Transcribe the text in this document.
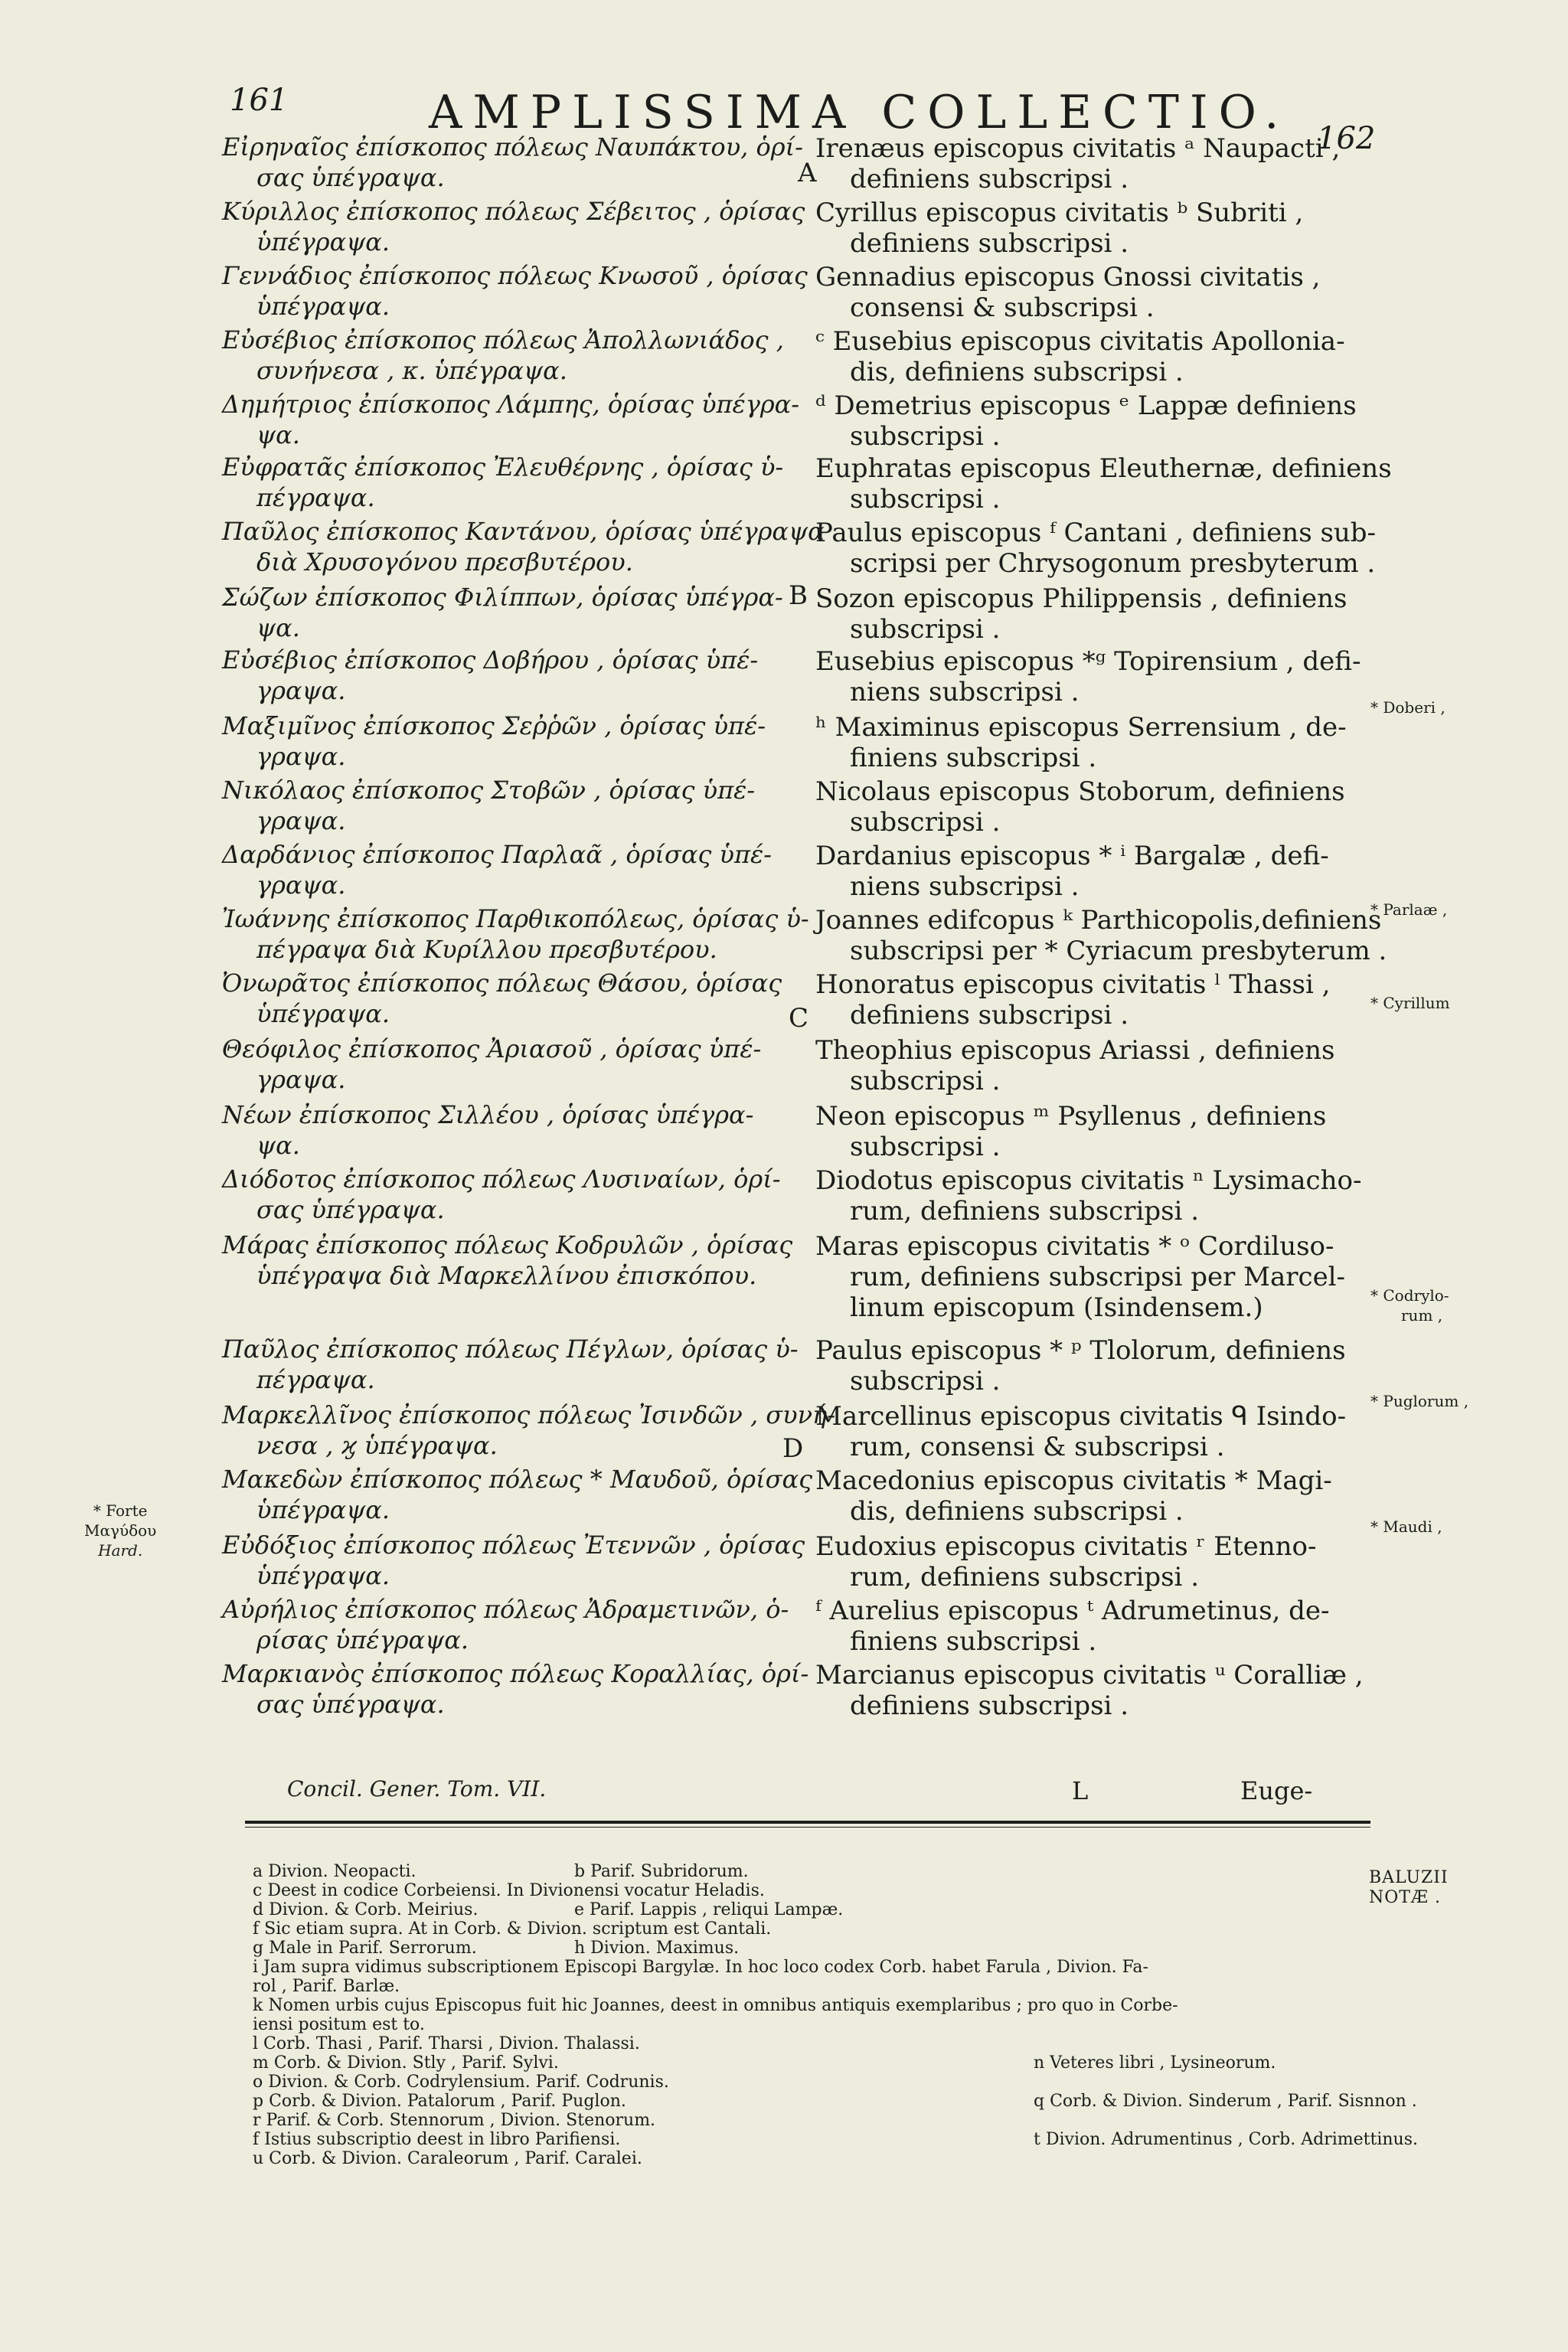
161	AMPLISSIMA COLLECTIO. 162
Εἰρηναῖος ἐπίσκοπος πόλεως Ναυπάκτου, ὁρί-
σας ὑπέγραψα.
Irenæus episcopus civitatis ᵃ Naupacti ,
definiens subscripsi .
Κύριλλος ἐπίσκοπος πόλεως Σέβειτος , ὁρίσας
ὑπέγραψα.
Cyrillus episcopus civitatis ᵇ Subriti ,
definiens subscripsi .
Γεννάδιος ἐπίσκοπος πόλεως Κνωσοῦ , ὁρίσας
ὑπέγραψα.
Gennadius episcopus Gnossi civitatis ,
consensi & subscripsi .
Εὐσέβιος ἐπίσκοπος πόλεως Ἀπολλωνιάδος ,
συνήνεσα , κ. ὑπέγραψα.
ᶜ Eusebius episcopus civitatis Apollonia-
dis, definiens subscripsi .
Δημήτριος ἐπίσκοπος Λάμπης, ὁρίσας ὑπέγρα-
ψα.
ᵈ Demetrius episcopus ᵉ Lappæ definiens
subscripsi .
Εὐφρατᾶς ἐπίσκοπος Ἐλευθέρνης , ὁρίσας ὑ-
πέγραψα.
Euphratas episcopus Eleuthernæ, definiens
subscripsi .
Παῦλος ἐπίσκοπος Καντάνου, ὁρίσας ὑπέγραψα
διὰ Χρυσογόνου πρεσβυτέρου.
Paulus episcopus ᶠ Cantani , definiens sub-
scripsi per Chrysogonum presbyterum .
Σώζων ἐπίσκοπος Φιλίππων, ὁρίσας ὑπέγρα-
ψα.
Sozon episcopus Philippensis , definiens
subscripsi .
Εὐσέβιος ἐπίσκοπος Δοβήρου , ὁρίσας ὑπέ-
γραψα.
Eusebius episcopus *ᵍ Topirensium , defi-
niens subscripsi .
Μαξιμῖνος ἐπίσκοπος Σεῤῥῶν , ὁρίσας ὑπέ-
γραψα.
ʰ Maximinus episcopus Serrensium , de-
finiens subscripsi .
Νικόλαος ἐπίσκοπος Στοβῶν , ὁρίσας ὑπέ-
γραψα.
Nicolaus episcopus Stoborum, definiens
subscripsi .
Δαρδάνιος ἐπίσκοπος Παρλαᾶ , ὁρίσας ὑπέ-
γραψα.
Dardanius episcopus * ⁱ Bargalæ , defi-
niens subscripsi .
Ἰωάννης ἐπίσκοπος Παρθικοπόλεως, ὁρίσας ὑ-
πέγραψα διὰ Κυρίλλου πρεσβυτέρου.
Joannes edifcopus ᵏ Parthicopolis,definiens
subscripsi per * Cyriacum presbyterum .
Ὀνωρᾶτος ἐπίσκοπος πόλεως Θάσου, ὁρίσας
ὑπέγραψα.
Honoratus episcopus civitatis ˡ Thassi ,
definiens subscripsi .
Θεόφιλος ἐπίσκοπος Ἀριασοῦ , ὁρίσας ὑπέ-
γραψα.
Theophius episcopus Ariassi , definiens
subscripsi .
Νέων ἐπίσκοπος Σιλλέου , ὁρίσας ὑπέγρα-
ψα.
Neon episcopus ᵐ Psyllenus , definiens
subscripsi .
Διόδοτος ἐπίσκοπος πόλεως Λυσιναίων, ὁρί-
σας ὑπέγραψα.
Diodotus episcopus civitatis ⁿ Lysimacho-
rum, definiens subscripsi .
Μάρας ἐπίσκοπος πόλεως Κοδρυλῶν , ὁρίσας
ὑπέγραψα διὰ Μαρκελλίνου ἐπισκόπου.
Maras episcopus civitatis * ᵒ Cordiluso-
rum, definiens subscripsi per Marcel-
linum episcopum (Isindensem.)
Παῦλος ἐπίσκοπος πόλεως Πέγλων, ὁρίσας ὑ-
πέγραψα.
Paulus episcopus * ᵖ Tlolorum, definiens
subscripsi .
Μαρκελλῖνος ἐπίσκοπος πόλεως Ἰσινδῶν , συνή-
νεσα , ϗ ὑπέγραψα.
Marcellinus episcopus civitatis ᑫ Isindo-
rum, consensi & subscripsi .
Μακεδὼν ἐπίσκοπος πόλεως * Μαυδοῦ, ὁρίσας
ὑπέγραψα.
Macedonius episcopus civitatis * Magi-
dis, definiens subscripsi .
Εὐδόξιος ἐπίσκοπος πόλεως Ἐτεννῶν , ὁρίσας
ὑπέγραψα.
Eudoxius episcopus civitatis ʳ Etenno-
rum, definiens subscripsi .
Αὐρήλιος ἐπίσκοπος πόλεως Ἀδραμετινῶν, ὁ-
ρίσας ὑπέγραψα.
ᶠ Aurelius episcopus ᵗ Adrumetinus, de-
finiens subscripsi .
Μαρκιανὸς ἐπίσκοπος πόλεως Κοραλλίας, ὁρί-
σας ὑπέγραψα.
Marcianus episcopus civitatis ᵘ Coralliæ ,
definiens subscripsi .
A
B
C
D
* Doberi ,
* Parlaæ ,
* Cyrillum
* Codrylo-
rum ,
* Puglorum ,
* Maudi ,
* Forte
Μαγύδου
Hard.
Concil. Gener. Tom. VII.	L	Euge-
BALUZII
NOTÆ .
a Divion. Neopacti.	b Parif. Subridorum.
c Deest in codice Corbeiensi. In Divionensi vocatur Heladis.
d Divion. & Corb. Meirius.	e Parif. Lappis , reliqui Lampæ.
f Sic etiam supra. At in Corb. & Divion. scriptum est Cantali.
g Male in Parif. Serrorum.	h Divion. Maximus.
i Jam supra vidimus subscriptionem Episcopi Bargylæ. In hoc loco codex Corb. habet Farula , Divion. Fa-
rol , Parif. Barlæ.
k Nomen urbis cujus Episcopus fuit hic Joannes, deest in omnibus antiquis exemplaribus ; pro quo in Corbe-
iensi positum est to.
l Corb. Thasi , Parif. Tharsi , Divion. Thalassi.
m Corb. & Divion. Stly , Parif. Sylvi.	n Veteres libri , Lysineorum.
o Divion. & Corb. Codrylensium. Parif. Codrunis.
p Corb. & Divion. Patalorum , Parif. Puglon.	q Corb. & Divion. Sinderum , Parif. Sisnnon .
r Parif. & Corb. Stennorum , Divion. Stenorum.
f Istius subscriptio deest in libro Parifiensi.	t Divion. Adrumentinus , Corb. Adrimettinus.
u Corb. & Divion. Caraleorum , Parif. Caralei.
